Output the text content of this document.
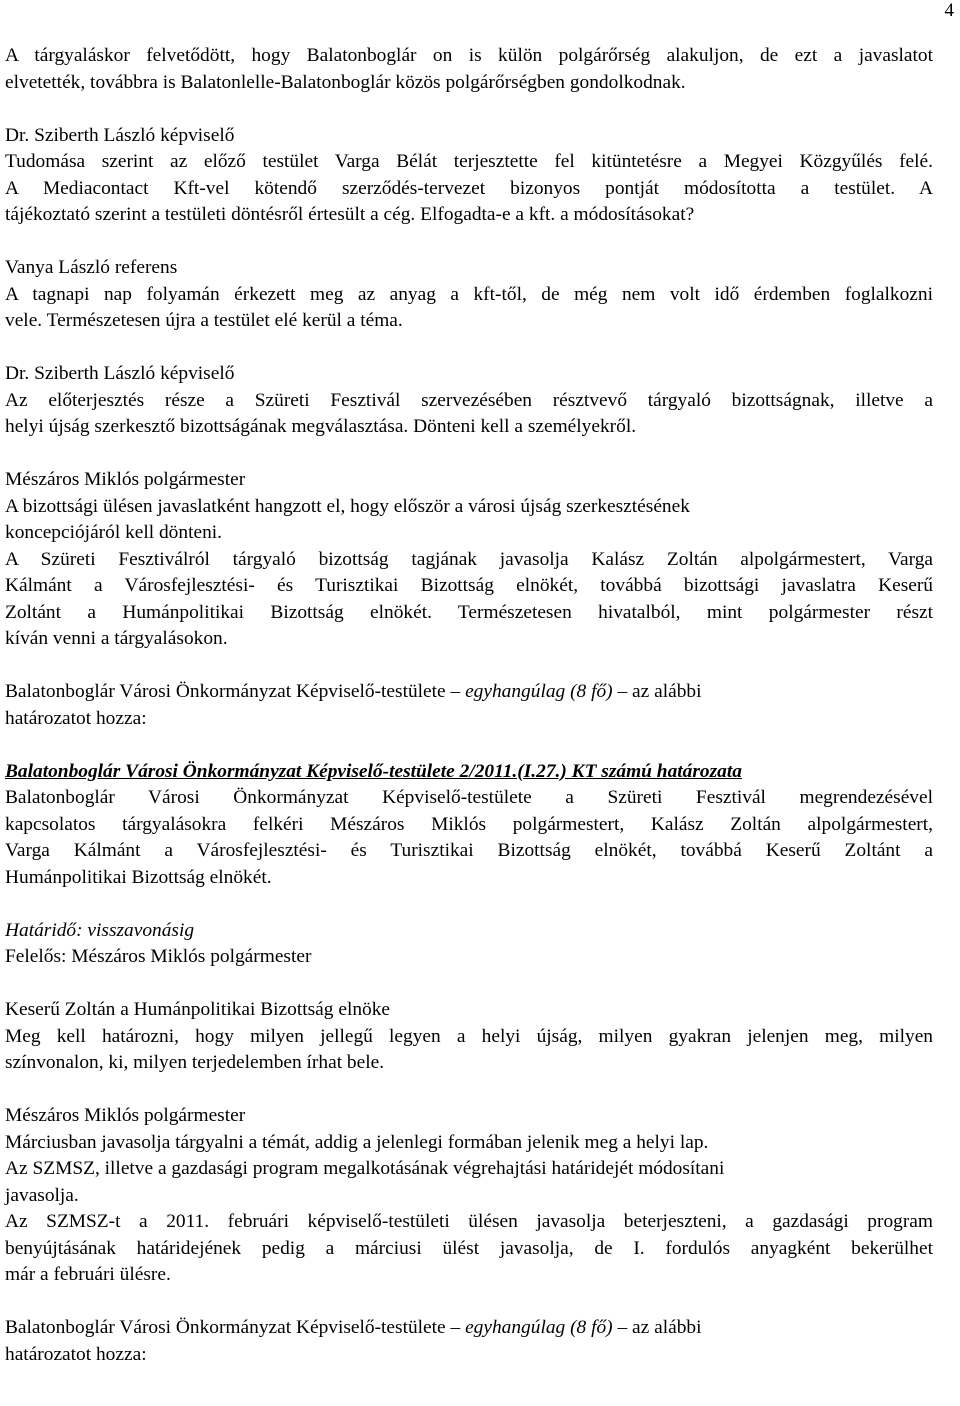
4
A tárgyaláskor felvetődött, hogy Balatonboglár on is külön polgárőrség alakuljon, de ezt a javaslatot
elvetették, továbbra is Balatonlelle-Balatonboglár közös polgárőrségben gondolkodnak.
Dr. Sziberth László képviselő
Tudomása szerint az előző testület Varga Bélát terjesztette fel kitüntetésre a Megyei Közgyűlés felé.
A Mediacontact Kft-vel kötendő szerződés-tervezet bizonyos pontját módosította a testület. A
tájékoztató szerint a testületi döntésről értesült a cég. Elfogadta-e a kft. a módosításokat?
Vanya László referens
A tagnapi nap folyamán érkezett meg az anyag a kft-től, de még nem volt idő érdemben foglalkozni
vele. Természetesen újra a testület elé kerül a téma.
Dr. Sziberth László képviselő
Az előterjesztés része a Szüreti Fesztivál szervezésében résztvevő tárgyaló bizottságnak, illetve a
helyi újság szerkesztő bizottságának megválasztása. Dönteni kell a személyekről.
Mészáros Miklós polgármester
A bizottsági ülésen javaslatként hangzott el, hogy először a városi újság szerkesztésének
koncepciójáról kell dönteni.
A Szüreti Fesztiválról tárgyaló bizottság tagjának javasolja Kalász Zoltán alpolgármestert, Varga
Kálmánt a Városfejlesztési- és Turisztikai Bizottság elnökét, továbbá bizottsági javaslatra Keserű
Zoltánt a Humánpolitikai Bizottság elnökét. Természetesen hivatalból, mint polgármester részt
kíván venni a tárgyalásokon.
Balatonboglár Városi Önkormányzat Képviselő-testülete – egyhangúlag (8 fő) – az alábbi
határozatot hozza:
Balatonboglár Városi Önkormányzat Képviselő-testülete 2/2011.(I.27.) KT számú határozata
Balatonboglár Városi Önkormányzat Képviselő-testülete a Szüreti Fesztivál megrendezésével
kapcsolatos tárgyalásokra felkéri Mészáros Miklós polgármestert, Kalász Zoltán alpolgármestert,
Varga Kálmánt a Városfejlesztési- és Turisztikai Bizottság elnökét, továbbá Keserű Zoltánt a
Humánpolitikai Bizottság elnökét.
Határidő: visszavonásig
Felelős: Mészáros Miklós polgármester
Keserű Zoltán a Humánpolitikai Bizottság elnöke
Meg kell határozni, hogy milyen jellegű legyen a helyi újság, milyen gyakran jelenjen meg, milyen
színvonalon, ki, milyen terjedelemben írhat bele.
Mészáros Miklós polgármester
Márciusban javasolja tárgyalni a témát, addig a jelenlegi formában jelenik meg a helyi lap.
Az SZMSZ, illetve a gazdasági program megalkotásának végrehajtási határidejét módosítani
javasolja.
Az SZMSZ-t a 2011. februári képviselő-testületi ülésen javasolja beterjeszteni, a gazdasági program
benyújtásának határidejének pedig a márciusi ülést javasolja, de I. fordulós anyagként bekerülhet
már a februári ülésre.
Balatonboglár Városi Önkormányzat Képviselő-testülete – egyhangúlag (8 fő) – az alábbi
határozatot hozza:
